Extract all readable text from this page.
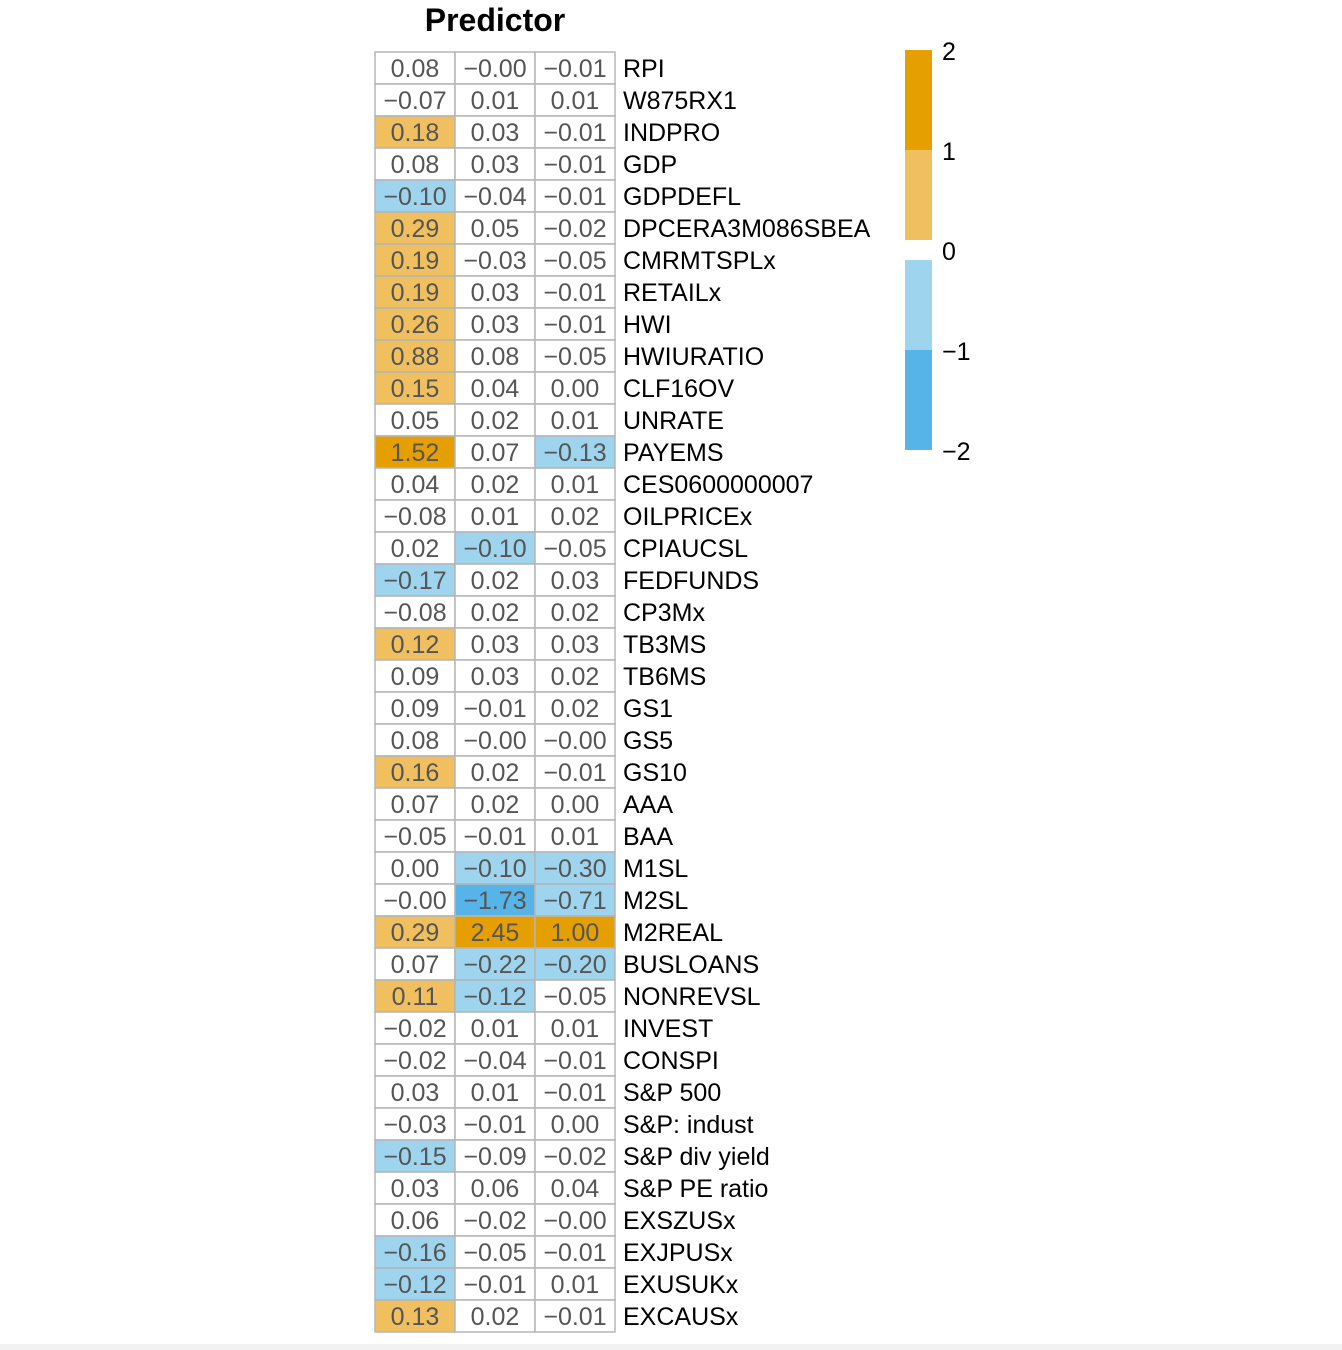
Predictor
0.08 −0.00 −0.01 RPI
−0.07 0.01 0.01 W875RX1
0.18 0.03 −0.01 INDPRO
0.08 0.03 −0.01 GDP
−0.10 −0.04 −0.01 GDPDEFL
0.29 0.05 −0.02 DPCERA3M086SBEA
0.19 −0.03 −0.05 CMRMTSPLx
0.19 0.03 −0.01 RETAILx
0.26 0.03 −0.01 HWI
0.88 0.08 −0.05 HWIURATIO
0.15 0.04 0.00 CLF16OV
0.05 0.02 0.01 UNRATE
1.52 0.07 −0.13 PAYEMS
0.04 0.02 0.01 CES0600000007
−0.08 0.01 0.02 OILPRICEx
0.02 −0.10 −0.05 CPIAUCSL
−0.17 0.02 0.03 FEDFUNDS
−0.08 0.02 0.02 CP3Mx
0.12 0.03 0.03 TB3MS
0.09 0.03 0.02 TB6MS
0.09 −0.01 0.02 GS1
0.08 −0.00 −0.00 GS5
0.16 0.02 −0.01 GS10
0.07 0.02 0.00 AAA
−0.05 −0.01 0.01 BAA
0.00 −0.10 −0.30 M1SL
−0.00 −1.73 −0.71 M2SL
0.29 2.45 1.00 M2REAL
0.07 −0.22 −0.20 BUSLOANS
0.11 −0.12 −0.05 NONREVSL
−0.02 0.01 0.01 INVEST
−0.02 −0.04 −0.01 CONSPI
0.03 0.01 −0.01 S&P 500
−0.03 −0.01 0.00 S&P: indust
−0.15 −0.09 −0.02 S&P div yield
0.03 0.06 0.04 S&P PE ratio
0.06 −0.02 −0.00 EXSZUSx
−0.16 −0.05 −0.01 EXJPUSx
−0.12 −0.01 0.01 EXUSUKx
0.13 0.02 −0.01 EXCAUSx
2
1
0
−1
−2
